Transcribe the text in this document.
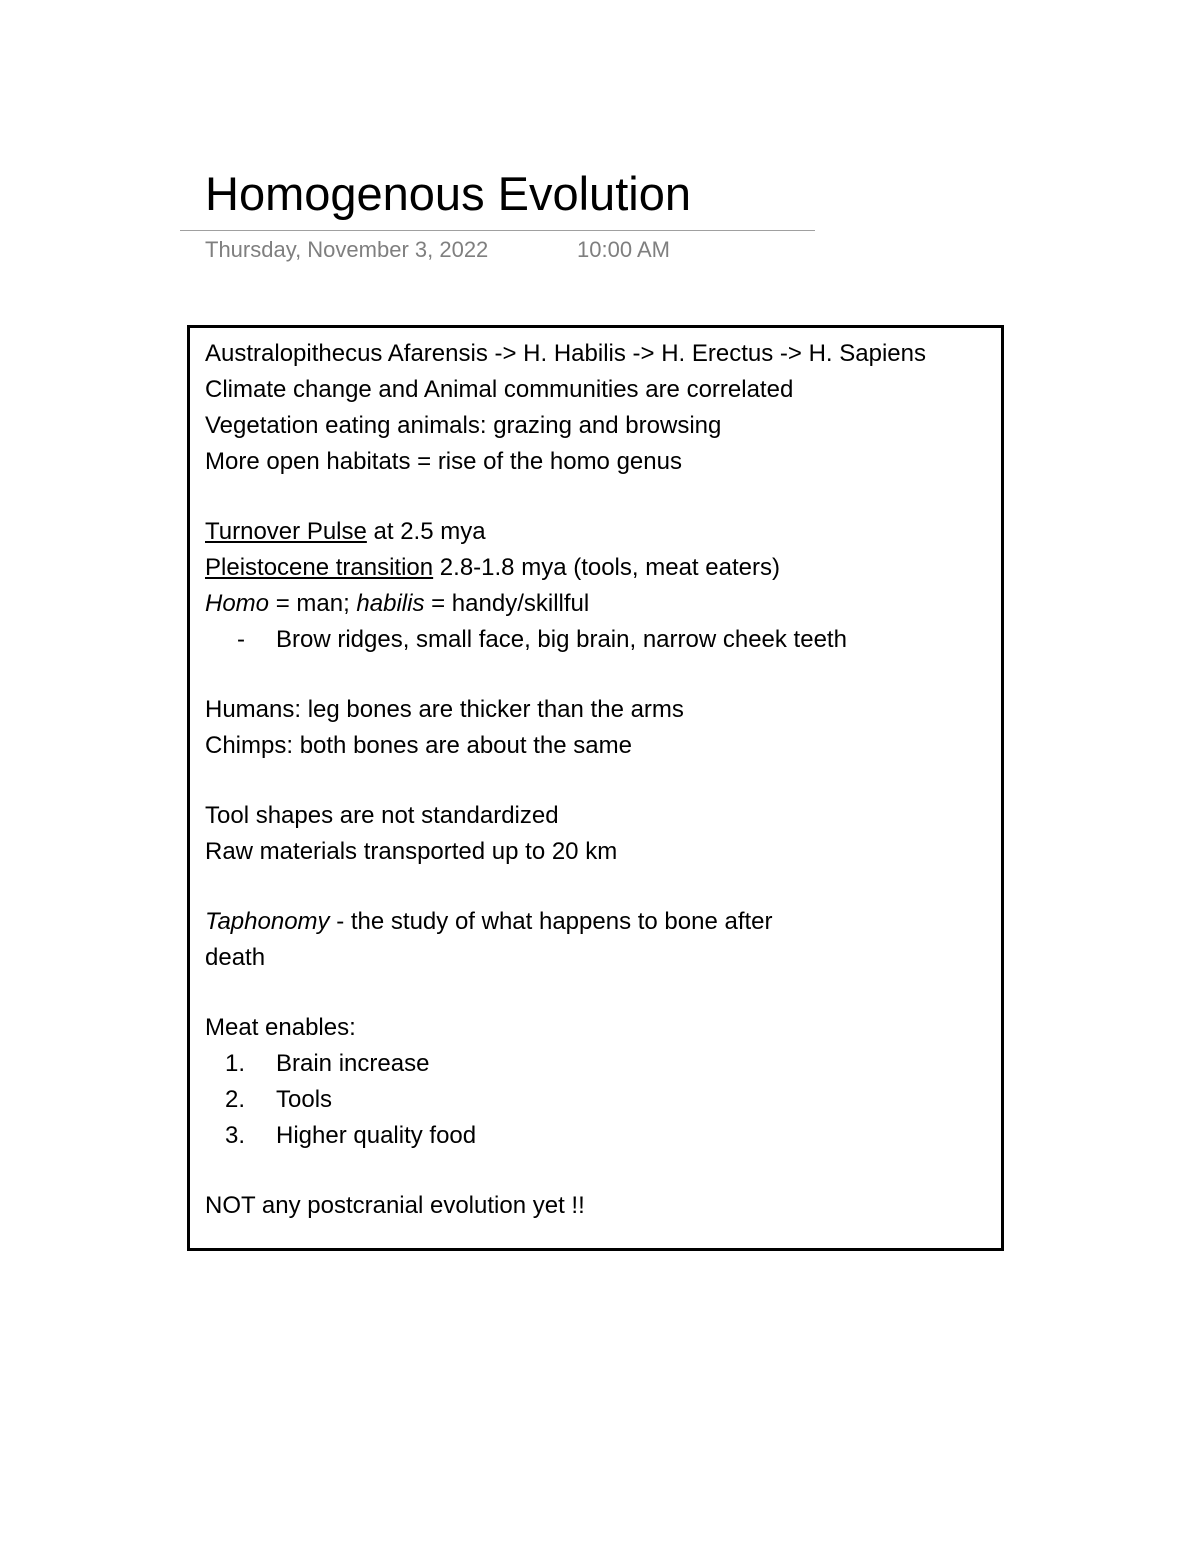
Homogenous Evolution
Thursday, November 3, 2022	10:00 AM
Australopithecus Afarensis -> H. Habilis -> H. Erectus -> H. Sapiens
Climate change and Animal communities are correlated
Vegetation eating animals: grazing and browsing
More open habitats = rise of the homo genus
Turnover Pulse at 2.5 mya
Pleistocene transition 2.8-1.8 mya (tools, meat eaters)
Homo = man; habilis = handy/skillful
- Brow ridges, small face, big brain, narrow cheek teeth
Humans: leg bones are thicker than the arms
Chimps: both bones are about the same
Tool shapes are not standardized
Raw materials transported up to 20 km
Taphonomy - the study of what happens to bone after
death
Meat enables:
1. Brain increase
2. Tools
3. Higher quality food
NOT any postcranial evolution yet !!
